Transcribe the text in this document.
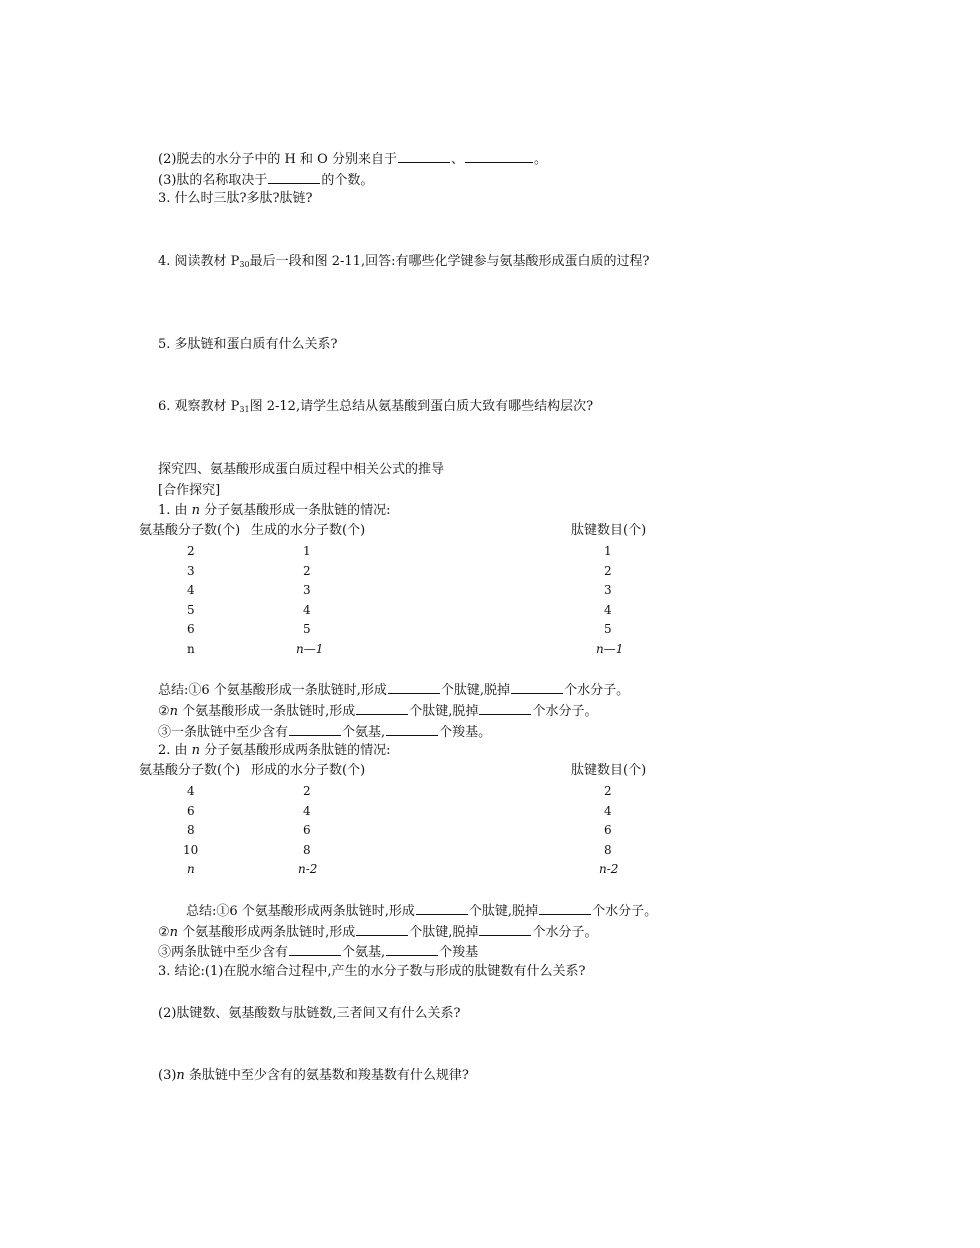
(2)脱去的水分子中的 H 和 O 分别来自于	、	。
(3)肽的名称取决于	的个数。
3. 什么时三肽?多肽?肽链?
4. 阅读教材 $P_{30}$最后一段和图 2-11,回答:有哪些化学键参与氨基酸形成蛋白质的过程?
5. 多肽链和蛋白质有什么关系?
6. 观察教材 $P_{31}$图 2-12,请学生总结从氨基酸到蛋白质大致有哪些结构层次?
探究四、氨基酸形成蛋白质过程中相关公式的推导
[合作探究]
1. 由 n 分子氨基酸形成一条肽链的情况:
氨基酸分子数(个) 生成的水分子数(个)	肽键数目(个)
2	1	1
3	2	2
4	3	3
5	4	4
6	5	5
n	n—1	n—1
总结:①6 个氨基酸形成一条肽链时,形成	个肽键,脱掉	个水分子。
②n 个氨基酸形成一条肽链时,形成	个肽键,脱掉	个水分子。
③一条肽链中至少含有	个氨基,	个羧基。
2. 由 n 分子氨基酸形成两条肽链的情况:
氨基酸分子数(个) 形成的水分子数(个)	肽键数目(个)
4	2	2
6	4	4
8	6	6
10	8	8
n	n-2	n-2
总结:①6 个氨基酸形成两条肽链时,形成	个肽键,脱掉	个水分子。
②n 个氨基酸形成两条肽链时,形成	个肽键,脱掉	个水分子。
③两条肽链中至少含有	个氨基,	个羧基
3. 结论:(1)在脱水缩合过程中,产生的水分子数与形成的肽键数有什么关系?
(2)肽键数、氨基酸数与肽链数,三者间又有什么关系?
(3)n 条肽链中至少含有的氨基数和羧基数有什么规律?
